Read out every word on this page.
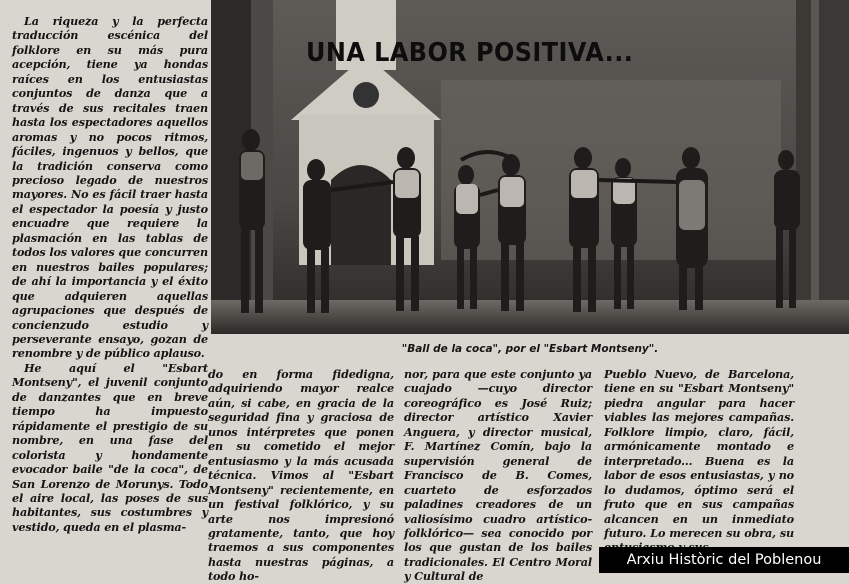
La riqueza y la perfecta traducción escénica del folklore en su más pura acepción, tiene ya hondas raíces en los entusiastas conjuntos de danza que a través de sus recitales traen hasta los espectadores aquellos aromas y no pocos ritmos, fáciles, ingenuos y bellos, que la tradición conserva como precioso legado de nuestros mayores. No es fácil traer hasta el espectador la poesía y justo encuadre que requiere la plasmación en las tablas de todos los valores que concurren en nuestros bailes populares; de ahí la importancia y el éxito que adquieren aquellas agrupaciones que después de concienzudo estudio y perseverante ensayo, gozan de renombre y de público aplauso.

He aquí el "Esbart Montseny", el juvenil conjunto de danzantes que en breve tiempo ha impuesto rápidamente el prestigio de su nombre, en una fase del colorista y hondamente evocador baile "de la coca", de San Lorenzo de Morunys. Todo el aire local, las poses de sus habitantes, sus costumbres y vestido, queda en el plasma-

UNA LABOR POSITIVA...
"Ball de la coca", por el "Esbart Montseny".

do en forma fidedigna, adquiriendo mayor realce aún, si cabe, en gracia de la seguridad fina y graciosa de unos intérpretes que ponen en su cometido el mejor entusiasmo y la más acusada técnica. Vimos al "Esbart Montseny" recientemente, en un festival folklórico, y su arte nos impresionó gratamente, tanto, que hoy traemos a sus componentes hasta nuestras páginas, a todo ho-

nor, para que este conjunto ya cuajado —cuyo director coreográfico es José Ruiz; director artístico Xavier Anguera, y director musical, F. Martínez Comín, bajo la supervisión general de Francisco de B. Comes, cuarteto de esforzados paladines creadores de un valiosísimo cuadro artístico-folklórico— sea conocido por los que gustan de los bailes tradicionales. El Centro Moral y Cultural de

Pueblo Nuevo, de Barcelona, tiene en su "Esbart Montseny" piedra angular para hacer viables las mejores campañas. Folklore limpio, claro, fácil, armónicamente montado e interpretado... Buena es la labor de esos entusiastas, y no lo dudamos, óptimo será el fruto que en sus campañas alcancen en un inmediato futuro. Lo merecen su obra, su

Arxiu Històric del Poblenou
